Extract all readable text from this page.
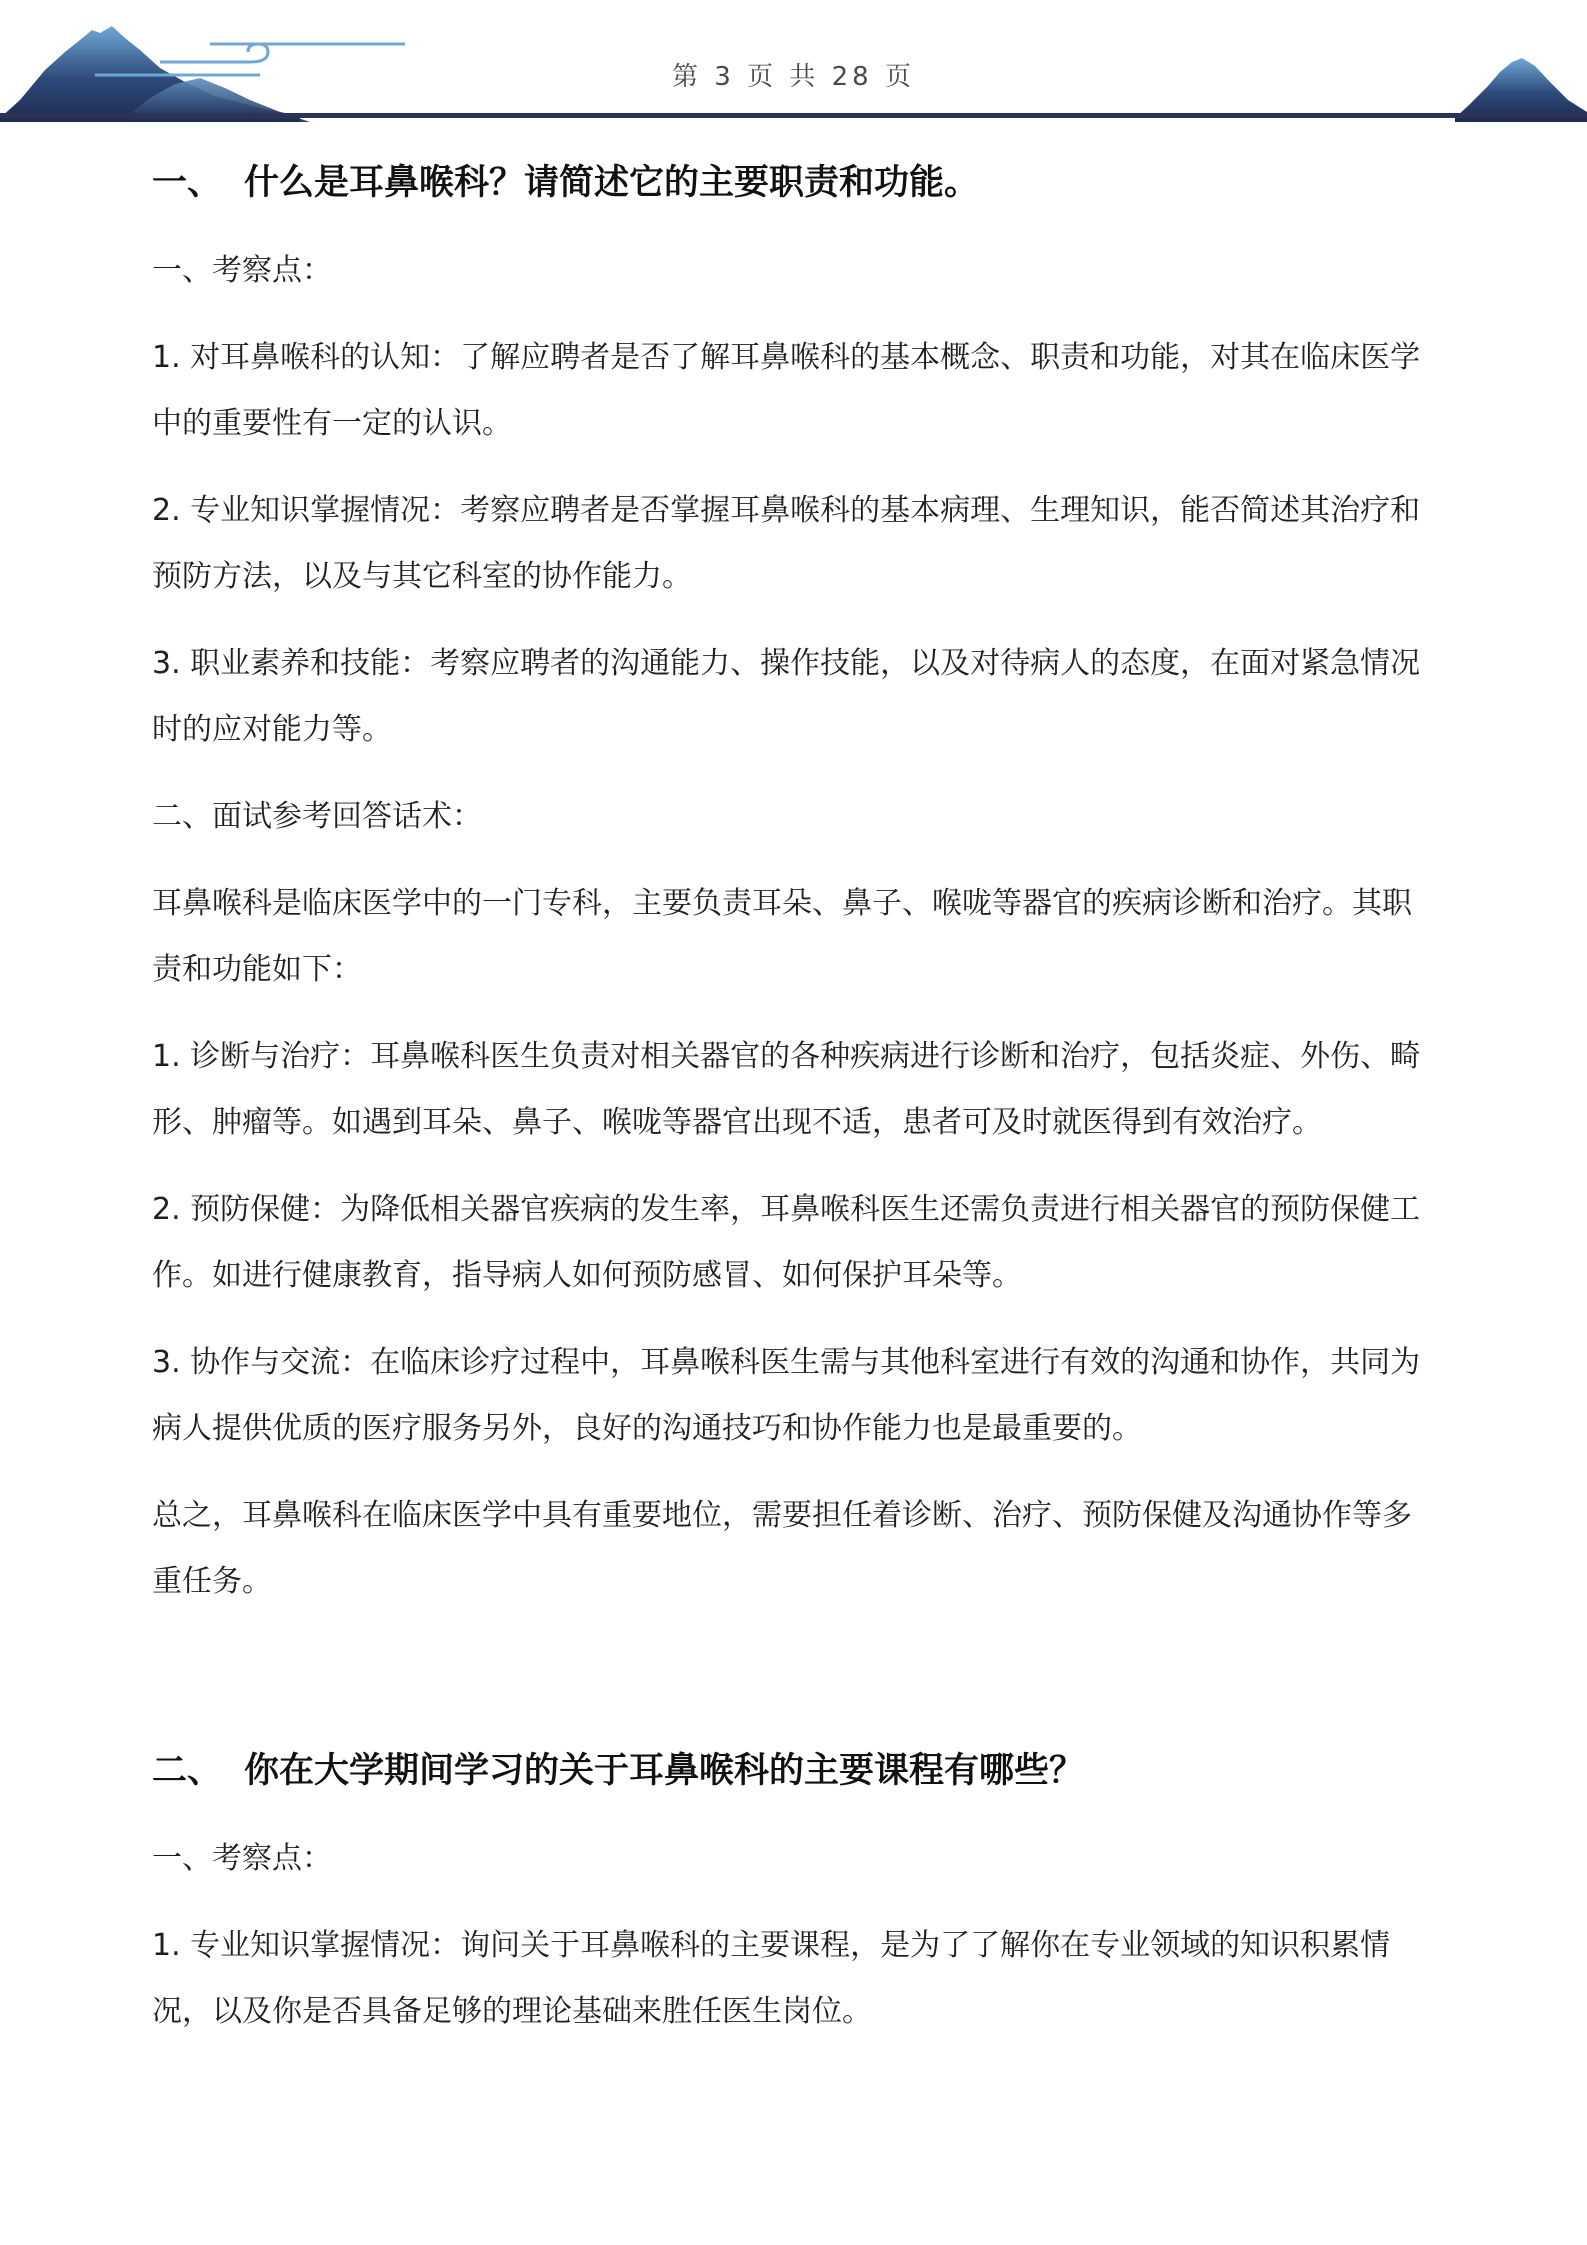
第 3 页 共 28 页
一、 什么是耳鼻喉科？请简述它的主要职责和功能。
一、考察点：
1. 对耳鼻喉科的认知：了解应聘者是否了解耳鼻喉科的基本概念、职责和功能，对其在临床医学中的重要性有一定的认识。
2. 专业知识掌握情况：考察应聘者是否掌握耳鼻喉科的基本病理、生理知识，能否简述其治疗和预防方法，以及与其它科室的协作能力。
3. 职业素养和技能：考察应聘者的沟通能力、操作技能，以及对待病人的态度，在面对紧急情况时的应对能力等。
二、面试参考回答话术：
耳鼻喉科是临床医学中的一门专科，主要负责耳朵、鼻子、喉咙等器官的疾病诊断和治疗。其职责和功能如下：
1. 诊断与治疗：耳鼻喉科医生负责对相关器官的各种疾病进行诊断和治疗，包括炎症、外伤、畸形、肿瘤等。如遇到耳朵、鼻子、喉咙等器官出现不适，患者可及时就医得到有效治疗。
2. 预防保健：为降低相关器官疾病的发生率，耳鼻喉科医生还需负责进行相关器官的预防保健工作。如进行健康教育，指导病人如何预防感冒、如何保护耳朵等。
3. 协作与交流：在临床诊疗过程中，耳鼻喉科医生需与其他科室进行有效的沟通和协作，共同为病人提供优质的医疗服务另外，良好的沟通技巧和协作能力也是最重要的。
总之，耳鼻喉科在临床医学中具有重要地位，需要担任着诊断、治疗、预防保健及沟通协作等多重任务。
二、 你在大学期间学习的关于耳鼻喉科的主要课程有哪些？
一、考察点：
1. 专业知识掌握情况：询问关于耳鼻喉科的主要课程，是为了了解你在专业领域的知识积累情况，以及你是否具备足够的理论基础来胜任医生岗位。
